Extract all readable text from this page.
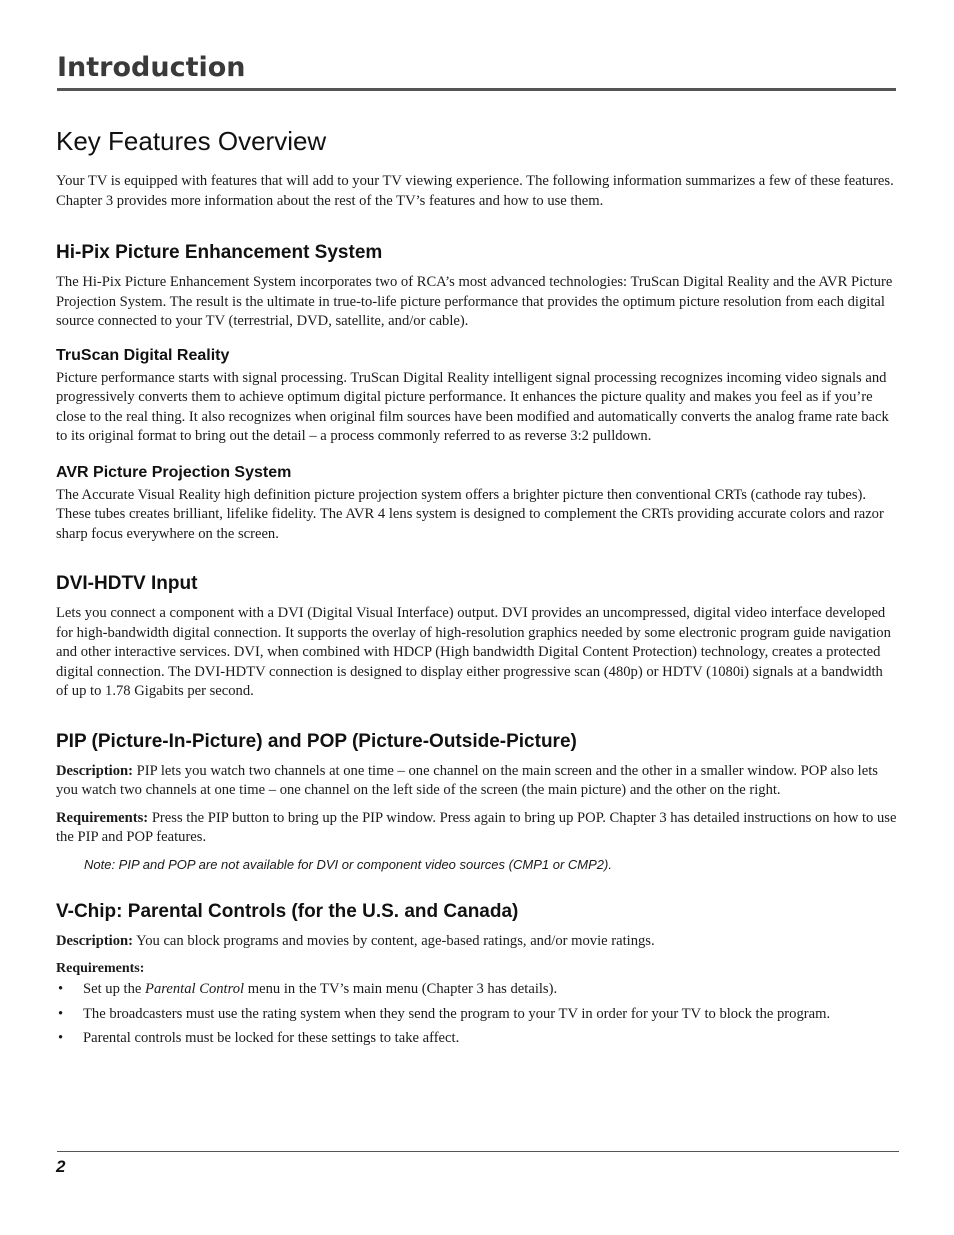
Introduction
Key Features Overview

Your TV is equipped with features that will add to your TV viewing experience. The following information summarizes a few of these features. Chapter 3 provides more information about the rest of the TV’s features and how to use them.

Hi-Pix Picture Enhancement System

The Hi-Pix Picture Enhancement System incorporates two of RCA’s most advanced technologies: TruScan Digital Reality and the AVR Picture Projection System. The result is the ultimate in true-to-life picture performance that provides the optimum picture resolution from each digital source connected to your TV (terrestrial, DVD, satellite, and/or cable).

TruScan Digital Reality

Picture performance starts with signal processing. TruScan Digital Reality intelligent signal processing recognizes incoming video signals and progressively converts them to achieve optimum digital picture performance. It enhances the picture quality and makes you feel as if you’re close to the real thing. It also recognizes when original film sources have been modified and automatically converts the analog frame rate back to its original format to bring out the detail – a process commonly referred to as reverse 3:2 pulldown.

AVR Picture Projection System

The Accurate Visual Reality high definition picture projection system offers a brighter picture then conventional CRTs (cathode ray tubes). These tubes creates brilliant, lifelike fidelity. The AVR 4 lens system is designed to complement the CRTs providing accurate colors and razor sharp focus everywhere on the screen.

DVI-HDTV Input

Lets you connect a component with a DVI (Digital Visual Interface) output. DVI provides an uncompressed, digital video interface developed for high-bandwidth digital connection. It supports the overlay of high-resolution graphics needed by some electronic program guide navigation and other interactive services. DVI, when combined with HDCP (High bandwidth Digital Content Protection) technology, creates a protected digital connection. The DVI-HDTV connection is designed to display either progressive scan (480p) or HDTV (1080i) signals at a bandwidth of up to 1.78 Gigabits per second.

PIP (Picture-In-Picture) and POP (Picture-Outside-Picture)

Description: PIP lets you watch two channels at one time – one channel on the main screen and the other in a smaller window. POP also lets you watch two channels at one time – one channel on the left side of the screen (the main picture) and the other on the right.

Requirements: Press the PIP button to bring up the PIP window. Press again to bring up POP. Chapter 3 has detailed instructions on how to use the PIP and POP features.

Note: PIP and POP are not available for DVI or component video sources (CMP1 or CMP2).

V-Chip: Parental Controls (for the U.S. and Canada)

Description: You can block programs and movies by content, age-based ratings, and/or movie ratings.

Requirements:

• Set up the Parental Control menu in the TV’s main menu (Chapter 3 has details).
• The broadcasters must use the rating system when they send the program to your TV in order for your TV to block the program.
• Parental controls must be locked for these settings to take affect.
2
